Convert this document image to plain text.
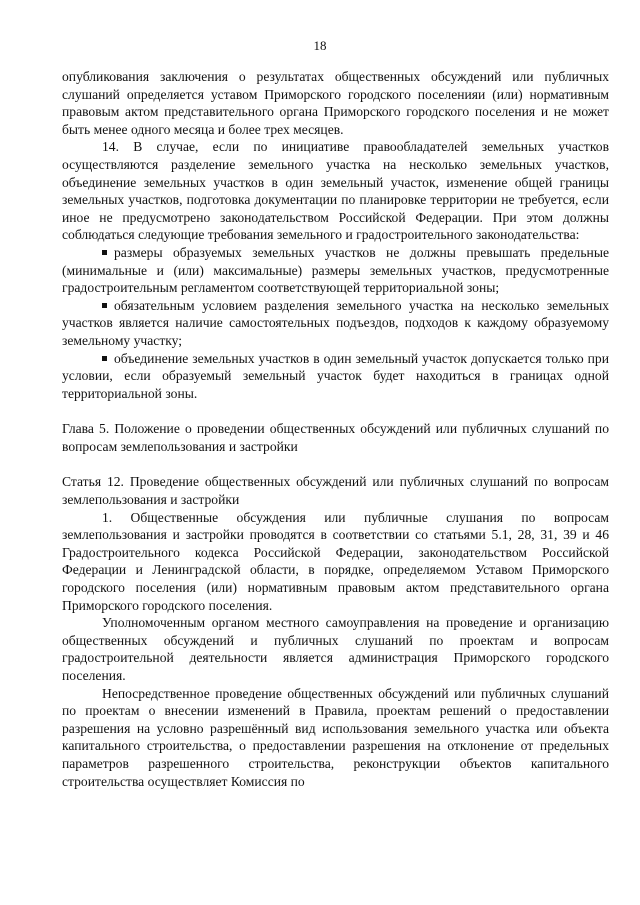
18

опубликования заключения о результатах общественных обсуждений или публичных слушаний определяется уставом Приморского городского поселенияи (или) нормативным правовым актом представительного органа Приморского городского поселения и не может быть менее одного месяца и более трех месяцев.

14. В случае, если по инициативе правообладателей земельных участков осуществляются разделение земельного участка на несколько земельных участков, объединение земельных участков в один земельный участок, изменение общей границы земельных участков, подготовка документации по планировке территории не требуется, если иное не предусмотрено законодательством Российской Федерации. При этом должны соблюдаться следующие требования земельного и градостроительного законодательства:

размеры образуемых земельных участков не должны превышать предельные (минимальные и (или) максимальные) размеры земельных участков, предусмотренные градостроительным регламентом соответствующей территориальной зоны;

обязательным условием разделения земельного участка на несколько земельных участков является наличие самостоятельных подъездов, подходов к каждому образуемому земельному участку;

объединение земельных участков в один земельный участок допускается только при условии, если образуемый земельный участок будет находиться в границах одной территориальной зоны.

Глава 5. Положение о проведении общественных обсуждений или публичных слушаний по вопросам землепользования и застройки

Статья 12. Проведение общественных обсуждений или публичных слушаний по вопросам землепользования и застройки

1. Общественные обсуждения или публичные слушания по вопросам землепользования и застройки проводятся в соответствии со статьями 5.1, 28, 31, 39 и 46 Градостроительного кодекса Российской Федерации, законодательством Российской Федерации и Ленинградской области, в порядке, определяемом Уставом Приморского городского поселения (или) нормативным правовым актом представительного органа Приморского городского поселения.

Уполномоченным органом местного самоуправления на проведение и организацию общественных обсуждений и публичных слушаний по проектам и вопросам градостроительной деятельности является администрация Приморского городского поселения.

Непосредственное проведение общественных обсуждений или публичных слушаний по проектам о внесении изменений в Правила, проектам решений о предоставлении разрешения на условно разрешённый вид использования земельного участка или объекта капитального строительства, о предоставлении разрешения на отклонение от предельных параметров разрешенного строительства, реконструкции объектов капитального строительства осуществляет Комиссия по
